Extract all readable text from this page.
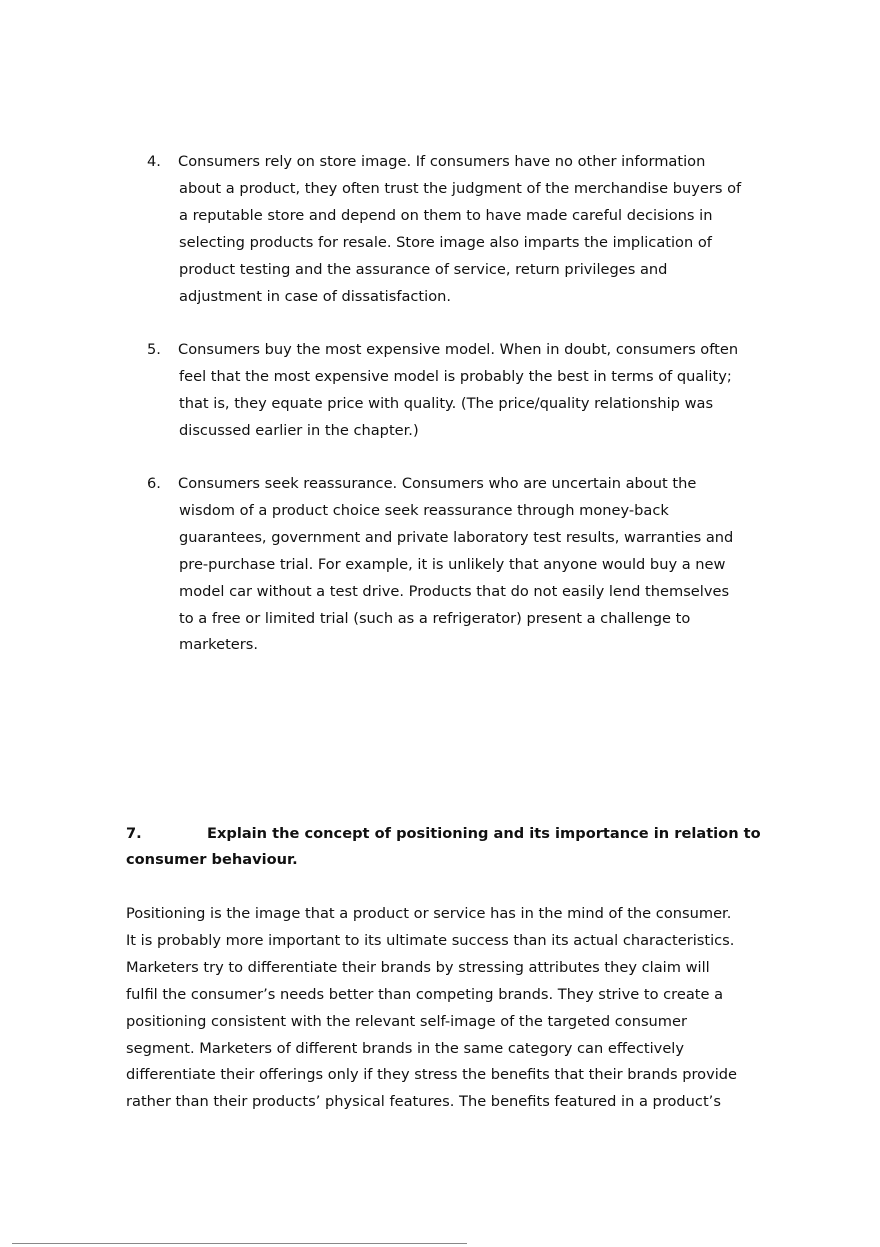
4. Consumers rely on store image. If consumers have no other information
about a product, they often trust the judgment of the merchandise buyers of
a reputable store and depend on them to have made careful decisions in
selecting products for resale. Store image also imparts the implication of
product testing and the assurance of service, return privileges and
adjustment in case of dissatisfaction.
5. Consumers buy the most expensive model. When in doubt, consumers often
feel that the most expensive model is probably the best in terms of quality;
that is, they equate price with quality. (The price/quality relationship was
discussed earlier in the chapter.)
6. Consumers seek reassurance. Consumers who are uncertain about the
wisdom of a product choice seek reassurance through money-back
guarantees, government and private laboratory test results, warranties and
pre-purchase trial. For example, it is unlikely that anyone would buy a new
model car without a test drive. Products that do not easily lend themselves
to a free or limited trial (such as a refrigerator) present a challenge to
marketers.
7.	Explain the concept of positioning and its importance in relation to
consumer behaviour.
Positioning is the image that a product or service has in the mind of the consumer.
It is probably more important to its ultimate success than its actual characteristics.
Marketers try to differentiate their brands by stressing attributes they claim will
fulfil the consumer’s needs better than competing brands. They strive to create a
positioning consistent with the relevant self-image of the targeted consumer
segment. Marketers of different brands in the same category can effectively
differentiate their offerings only if they stress the benefits that their brands provide
rather than their products’ physical features. The benefits featured in a product’s
